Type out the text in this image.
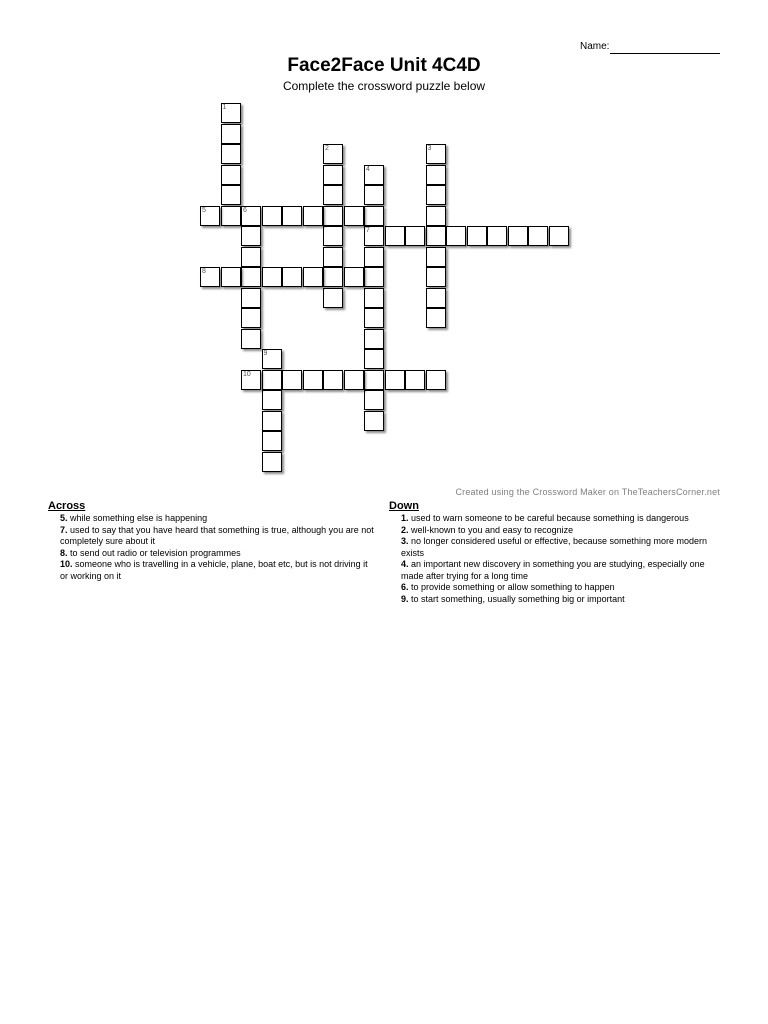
Name:
Face2Face Unit 4C4D
Complete the crossword puzzle below
1
2	3
4
7
5	6
8
9
10
Created using the Crossword Maker on TheTeachersCorner.net
Across

5. while something else is happening

7. used to say that you have heard that something is true, although you are not completely sure about it

8. to send out radio or television programmes

10. someone who is travelling in a vehicle, plane, boat etc, but is not driving it or working on it

Down

1. used to warn someone to be careful because something is dangerous

2. well-known to you and easy to recognize

3. no longer considered useful or effective, because something more modern exists

4. an important new discovery in something you are studying, especially one made after trying for a long time

6. to provide something or allow something to happen

9. to start something, usually something big or important
